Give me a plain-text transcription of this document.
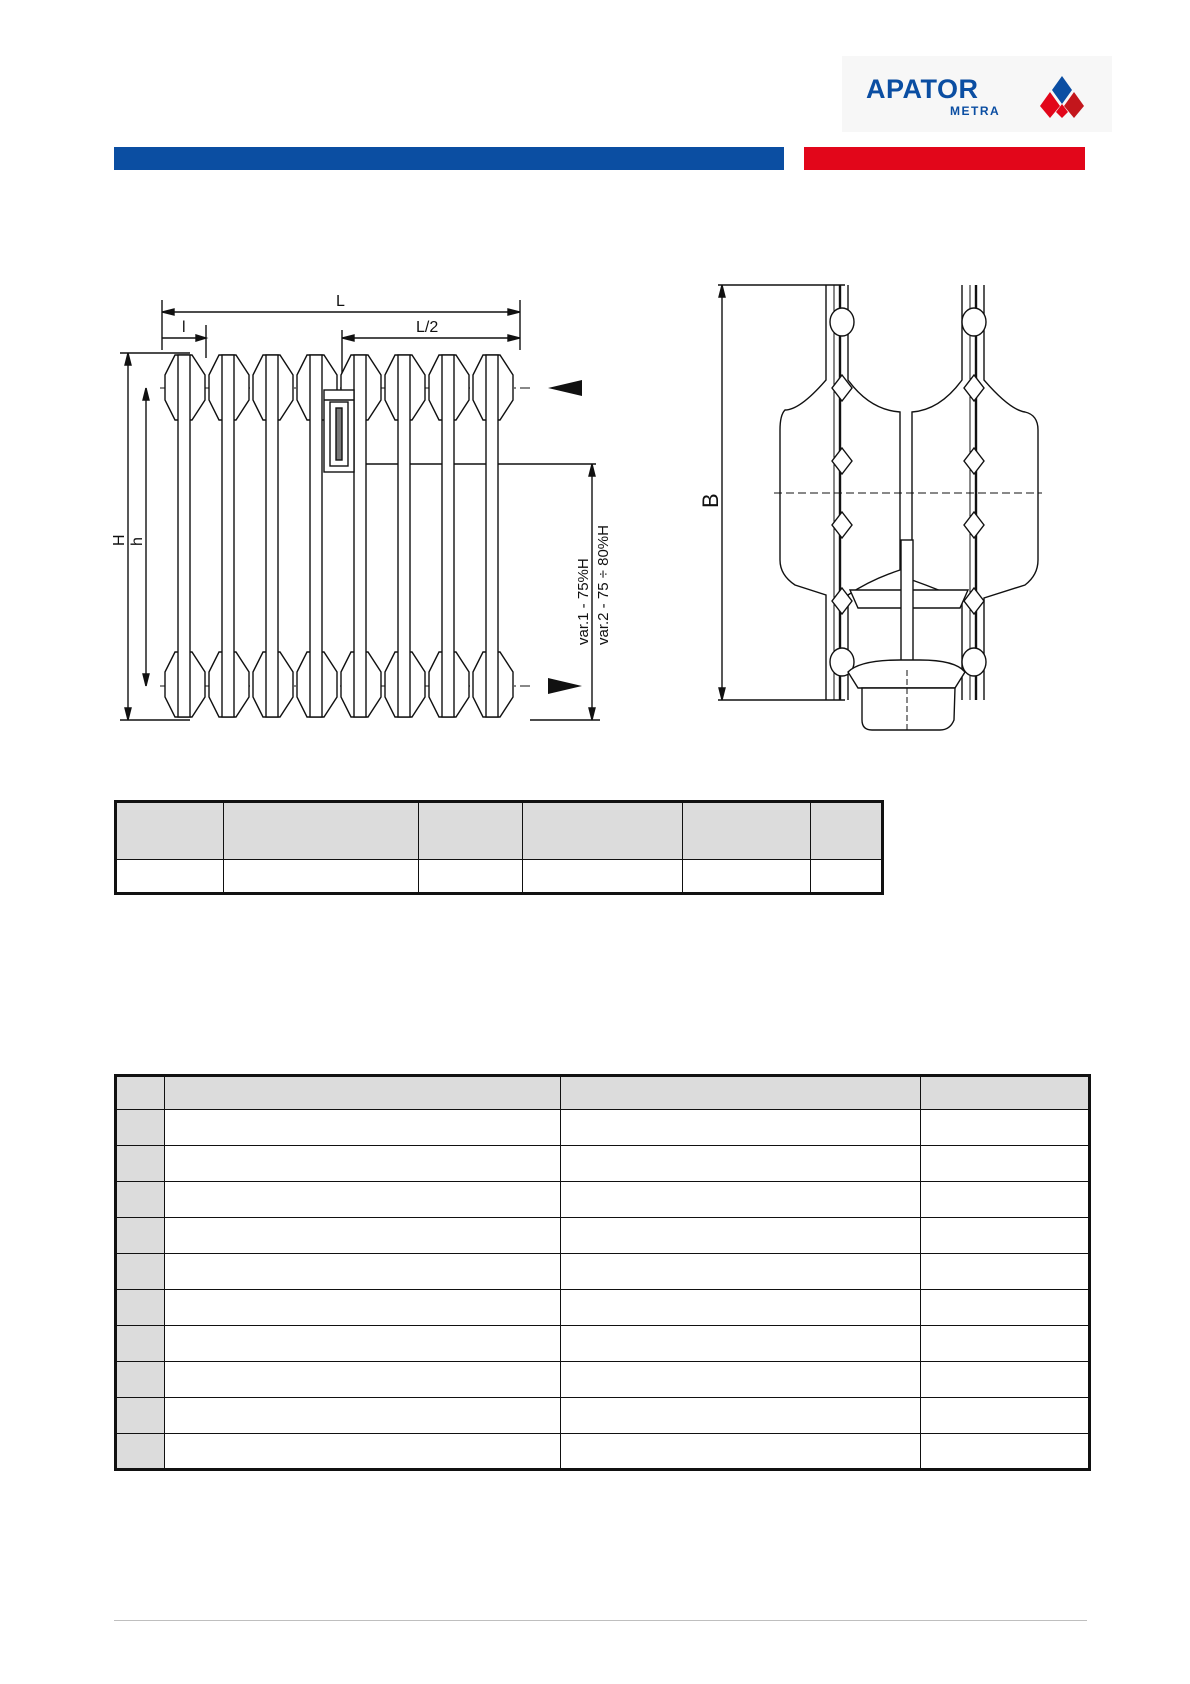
APATOR
METRA
L
l	L/2
H h
var.1 - 75%H var.2 - 75 ÷ 80%H
B
